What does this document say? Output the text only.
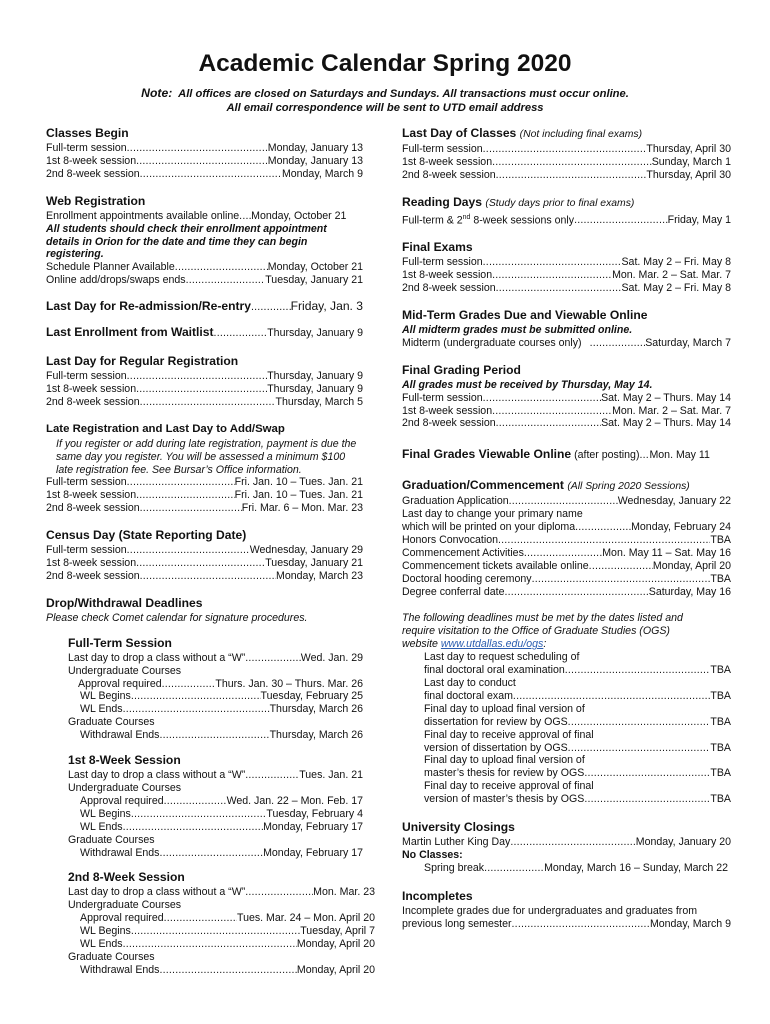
Academic Calendar Spring 2020
Note: All offices are closed on Saturdays and Sundays. All transactions must occur online.
All email correspondence will be sent to UTD email address
Classes Begin
Full-term session .....	Monday, January 13
1st 8-week session .....	Monday, January 13
2nd 8-week session .....	Monday, March 9
Web Registration
Enrollment appointments available online ..... Monday, October 21
All students should check their enrollment appointment details in Orion for the date and time they can begin registering.
Schedule Planner Available .....	Monday, October 21
Online add/drops/swaps ends .....	Tuesday, January 21
Last Day for Re-admission/Re-entry .....	Friday, Jan. 3
Last Enrollment from Waitlist .....	Thursday, January 9
Last Day for Regular Registration
Full-term session .....	Thursday, January 9
1st 8-week session .....	Thursday, January 9
2nd 8-week session .....	Thursday, March 5
Late Registration and Last Day to Add/Swap
If you register or add during late registration, payment is due the same day you register. You will be assessed a minimum $100 late registration fee. See Bursar’s Office information.
Full-term session .....	Fri. Jan. 10 – Tues. Jan. 21
1st 8-week session .....	Fri. Jan. 10 – Tues. Jan. 21
2nd 8-week session .....	Fri. Mar. 6 – Mon. Mar. 23
Census Day (State Reporting Date)
Full-term session .....	Wednesday, January 29
1st 8-week session .....	Tuesday, January 21
2nd 8-week session .....	Monday, March 23
Drop/Withdrawal Deadlines
Please check Comet calendar for signature procedures.
Full-Term Session
Last day to drop a class without a “W” .....	Wed. Jan. 29
Undergraduate Courses
Approval required .....	Thurs. Jan. 30 – Thurs. Mar. 26
WL Begins .....	Tuesday, February 25
WL Ends .....	Thursday, March 26
Graduate Courses
Withdrawal Ends .....	Thursday, March 26
1st 8-Week Session
Last day to drop a class without a “W” .....	Tues. Jan. 21
Undergraduate Courses
Approval required .....	Wed. Jan. 22 – Mon. Feb. 17
WL Begins .....	Tuesday, February 4
WL Ends .....	Monday, February 17
Graduate Courses
Withdrawal Ends .....	Monday, February 17
2nd 8-Week Session
Last day to drop a class without a “W” .....	Mon. Mar. 23
Undergraduate Courses
Approval required .....	Tues. Mar. 24 – Mon. April 20
WL Begins .....	Tuesday, April 7
WL Ends .....	Monday, April 20
Graduate Courses
Withdrawal Ends .....	Monday, April 20
Last Day of Classes (Not including final exams)
Full-term session .....	Thursday, April 30
1st 8-week session .....	Sunday, March 1
2nd 8-week session .....	Thursday, April 30
Reading Days (Study days prior to final exams)
Full-term & 2nd 8-week sessions only .....	Friday, May 1
Final Exams
Full-term session .....	Sat. May 2 – Fri. May 8
1st 8-week session .....	Mon. Mar. 2 – Sat. Mar. 7
2nd 8-week session .....	Sat. May 2 – Fri. May 8
Mid-Term Grades Due and Viewable Online
All midterm grades must be submitted online.
Midterm (undergraduate courses only) .....	Saturday, March 7
Final Grading Period
All grades must be received by Thursday, May 14.
Full-term session .....	Sat. May 2 – Thurs. May 14
1st 8-week session .....	Mon. Mar. 2 – Sat. Mar. 7
2nd 8-week session .....	Sat. May 2 – Thurs. May 14
Final Grades Viewable Online (after posting) ..... Mon. May 11
Graduation/Commencement (All Spring 2020 Sessions)
Graduation Application .....	Wednesday, January 22
Last day to change your primary name
which will be printed on your diploma .....	Monday, February 24
Honors Convocation .....	TBA
Commencement Activities .....	Mon. May 11 – Sat. May 16
Commencement tickets available online .....	Monday, April 20
Doctoral hooding ceremony .....	TBA
Degree conferral date .....	Saturday, May 16
The following deadlines must be met by the dates listed and
require visitation to the Office of Graduate Studies (OGS)
website www.utdallas.edu/ogs:
Last day to request scheduling of
final doctoral oral examination .....	TBA
Last day to conduct
final doctoral exam .....	TBA
Final day to upload final version of
dissertation for review by OGS .....	TBA
Final day to receive approval of final
version of dissertation by OGS .....	TBA
Final day to upload final version of
master’s thesis for review by OGS .....	TBA
Final day to receive approval of final
version of master’s thesis by OGS .....	TBA
University Closings
Martin Luther King Day .....	Monday, January 20
No Classes:
Spring break .....	Monday, March 16 – Sunday, March 22
Incompletes
Incomplete grades due for undergraduates and graduates from
previous long semester .....	Monday, March 9
